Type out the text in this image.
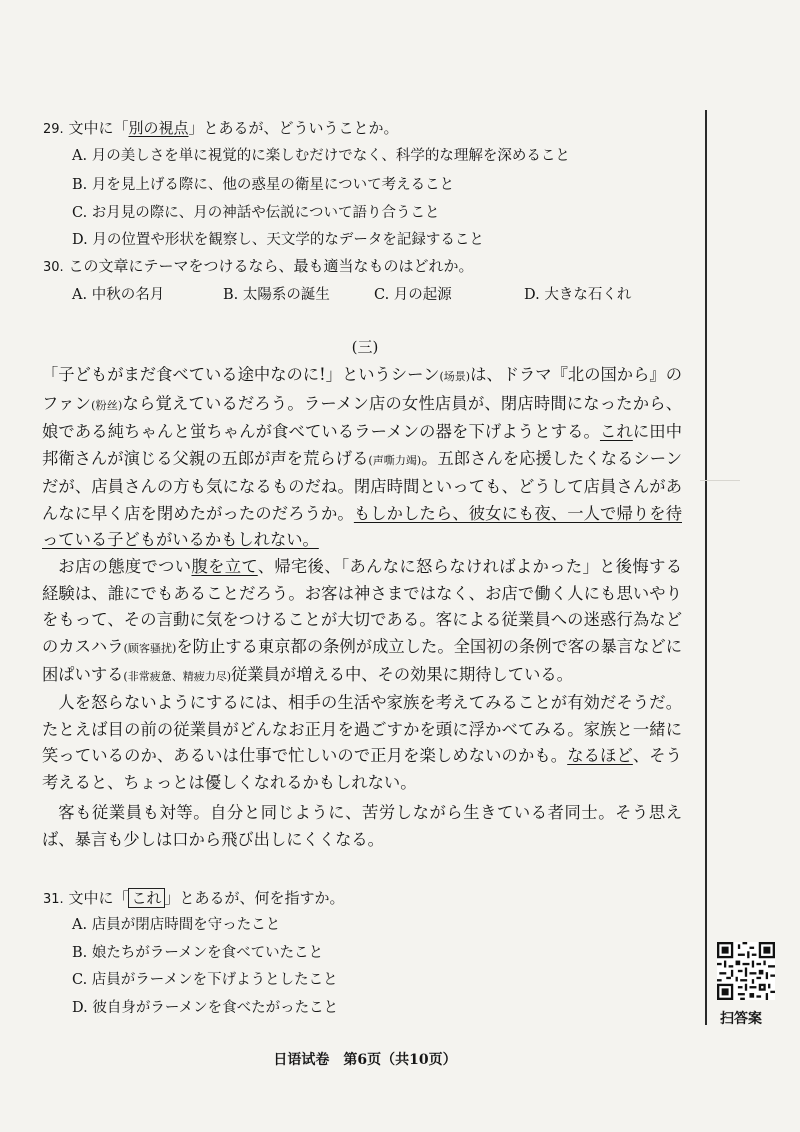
29. 文中に「別の視点」とあるが、どういうことか。
A. 月の美しさを単に視覚的に楽しむだけでなく、科学的な理解を深めること
B. 月を見上げる際に、他の惑星の衛星について考えること
C. お月見の際に、月の神話や伝説について語り合うこと
D. 月の位置や形状を観察し、天文学的なデータを記録すること
30. この文章にテーマをつけるなら、最も適当なものはどれか。
A. 中秋の名月	B. 太陽系の誕生	C. 月の起源	D. 大きな石くれ
(三)
「子どもがまだ食べている途中なのに!」というシーン(场景)は、ドラマ『北の国から』のファン(粉丝)なら覚えているだろう。ラーメン店の女性店員が、閉店時間になったから、娘である純ちゃんと蛍ちゃんが食べているラーメンの器を下げようとする。これに田中邦衛さんが演じる父親の五郎が声を荒らげる(声嘶力竭)。五郎さんを応援したくなるシーンだが、店員さんの方も気になるものだね。閉店時間といっても、どうして店員さんがあんなに早く店を閉めたがったのだろうか。もしかしたら、彼女にも夜、一人で帰りを待っている子どもがいるかもしれない。
お店の態度でつい腹を立て、帰宅後、「あんなに怒らなければよかった」と後悔する経験は、誰にでもあることだろう。お客は神さまではなく、お店で働く人にも思いやりをもって、その言動に気をつけることが大切である。客による従業員への迷惑行為などのカスハラ(顾客骚扰)を防止する東京都の条例が成立した。全国初の条例で客の暴言などに困ぱいする(非常疲惫、精疲力尽)従業員が増える中、その効果に期待している。
人を怒らないようにするには、相手の生活や家族を考えてみることが有効だそうだ。たとえば目の前の従業員がどんなお正月を過ごすかを頭に浮かべてみる。家族と一緒に笑っているのか、あるいは仕事で忙しいので正月を楽しめないのかも。なるほど、そう考えると、ちょっとは優しくなれるかもしれない。
客も従業員も対等。自分と同じように、苦労しながら生きている者同士。そう思えば、暴言も少しは口から飛び出しにくくなる。
31. 文中に「 これ 」とあるが、何を指すか。
A. 店員が閉店時間を守ったこと
B. 娘たちがラーメンを食べていたこと
C. 店員がラーメンを下げようとしたこと
D. 彼自身がラーメンを食べたがったこと
扫答案
日语试卷　第6页（共10页）
